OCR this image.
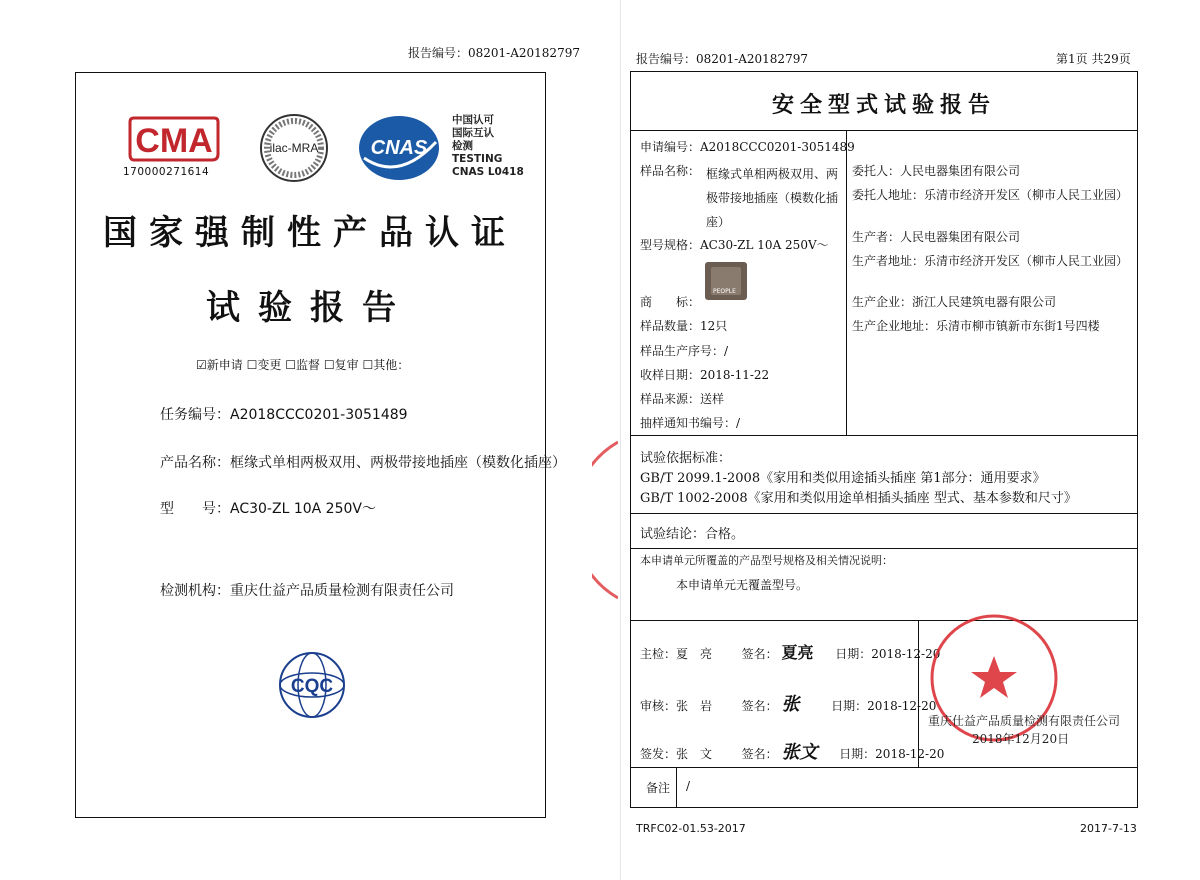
报告编号：08201-A20182797
CMA
170000271614
ilac-MRA	CNAS
中国认可
国际互认
检测
TESTING
CNAS L0418
国家强制性产品认证
试验报告
☑新申请 ☐变更 ☐监督 ☐复审 ☐其他：
任务编号：A2018CCC0201-3051489
产品名称：框缘式单相两极双用、两极带接地插座（模数化插座）
型　　号：AC30-ZL 10A 250V～
检测机构：重庆仕益产品质量检测有限责任公司
CQC
报告编号：08201-A20182797	第1页 共29页
安全型式试验报告
申请编号：A2018CCC0201-3051489
样品名称： 框缘式单相两极双用、两
极带接地插座（模数化插
座）
型号规格：AC30-ZL 10A 250V～
PEOPLE
商　　标：
样品数量：12只
样品生产序号：/
收样日期：2018-11-22
样品来源：送样
抽样通知书编号：/
委托人：人民电器集团有限公司
委托人地址：乐清市经济开发区（柳市人民工业园）
生产者：人民电器集团有限公司
生产者地址：乐清市经济开发区（柳市人民工业园）
生产企业：浙江人民建筑电器有限公司
生产企业地址：乐清市柳市镇新市东街1号四楼
试验依据标准：
GB/T 2099.1-2008《家用和类似用途插头插座 第1部分：通用要求》
GB/T 1002-2008《家用和类似用途单相插头插座 型式、基本参数和尺寸》
试验结论：合格。
本申请单元所覆盖的产品型号规格及相关情况说明：
本申请单元无覆盖型号。
主检：夏　亮 签名： 夏亮 日期：2018-12-20
审核：张　岩 签名： 张	日期：2018-12-20
签发：张　文 签名： 张文 日期：2018-12-20
重庆仕益产品质量检测有限责任公司
2018年12月20日
备注 /
TRFC02-01.53-2017	2017-7-13
